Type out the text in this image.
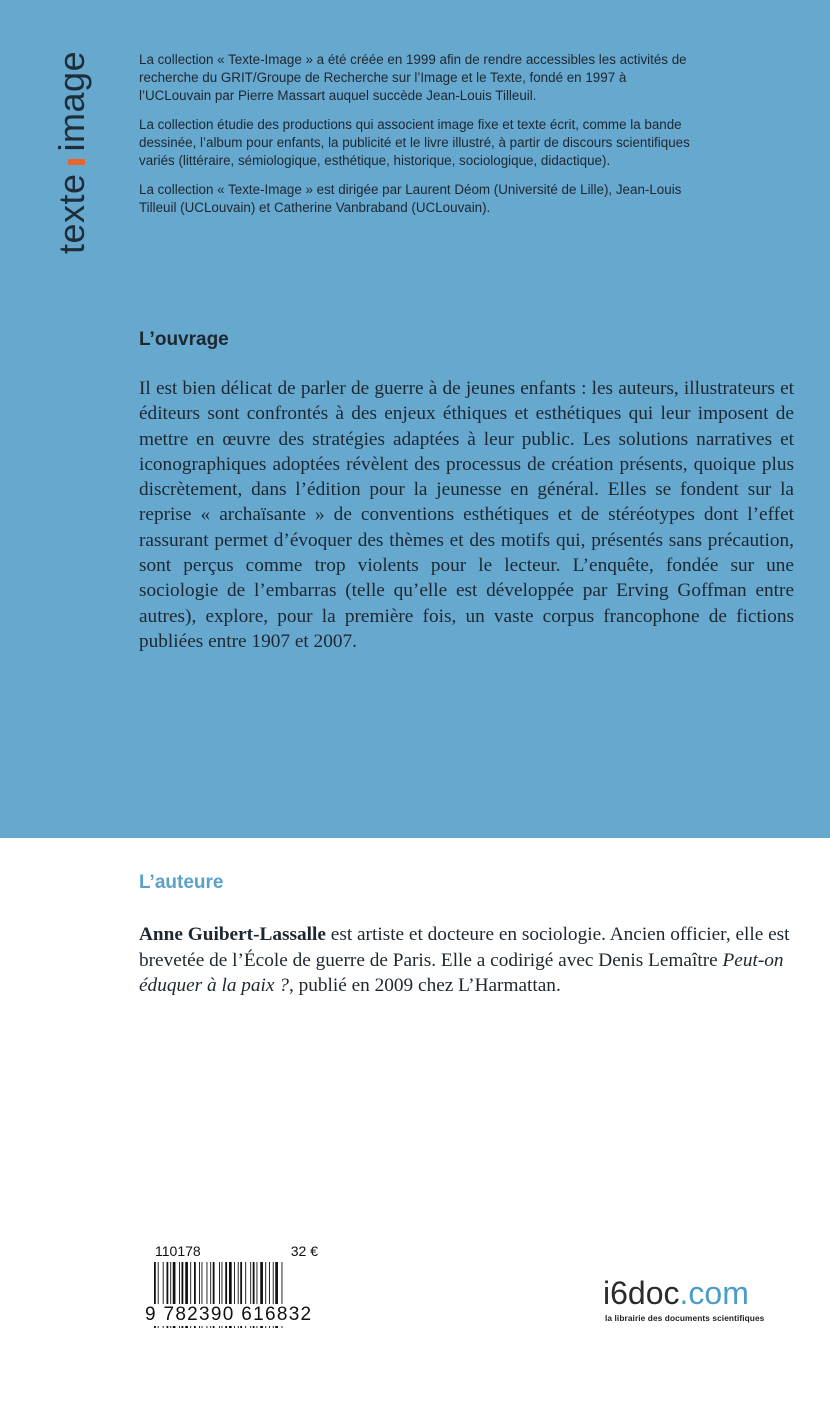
texteimage	La collection « Texte-Image » a été créée en 1999 afin de rendre accessibles les activités de recherche du GRIT/Groupe de Recherche sur l’Image et le Texte, fondé en 1997 à l’UCLouvain par Pierre Massart auquel succède Jean-Louis Tilleuil.

La collection étudie des productions qui associent image fixe et texte écrit, comme la bande dessinée, l’album pour enfants, la publicité et le livre illustré, à partir de discours scientifiques variés (littéraire, sémiologique, esthétique, historique, sociologique, didactique).

La collection « Texte-Image » est dirigée par Laurent Déom (Université de Lille), Jean-Louis Tilleuil (UCLouvain) et Catherine Vanbraband (UCLouvain).

L’ouvrage
Il est bien délicat de parler de guerre à de jeunes enfants : les auteurs, illustrateurs et éditeurs sont confrontés à des enjeux éthiques et esthétiques qui leur imposent de mettre en œuvre des stratégies adaptées à leur public. Les solutions narratives et iconographiques adoptées révèlent des processus de création présents, quoique plus discrètement, dans l’édition pour la jeunesse en général. Elles se fondent sur la reprise « archaïsante » de conventions esthétiques et de stéréotypes dont l’effet rassurant permet d’évoquer des thèmes et des motifs qui, présentés sans précaution, sont perçus comme trop violents pour le lecteur. L’enquête, fondée sur une sociologie de l’embarras (telle qu’elle est développée par Erving Goffman entre autres), explore, pour la première fois, un vaste corpus francophone de fictions publiées entre 1907 et 2007.
L’auteure
Anne Guibert-Lassalle est artiste et docteure en sociologie. Ancien officier, elle est brevetée de l’École de guerre de Paris. Elle a codirigé avec Denis Lemaître Peut-on éduquer à la paix ?, publié en 2009 chez L’Harmattan.
110178	32 €
9 782390 616832
i6doc.com
la librairie des documents scientifiques
